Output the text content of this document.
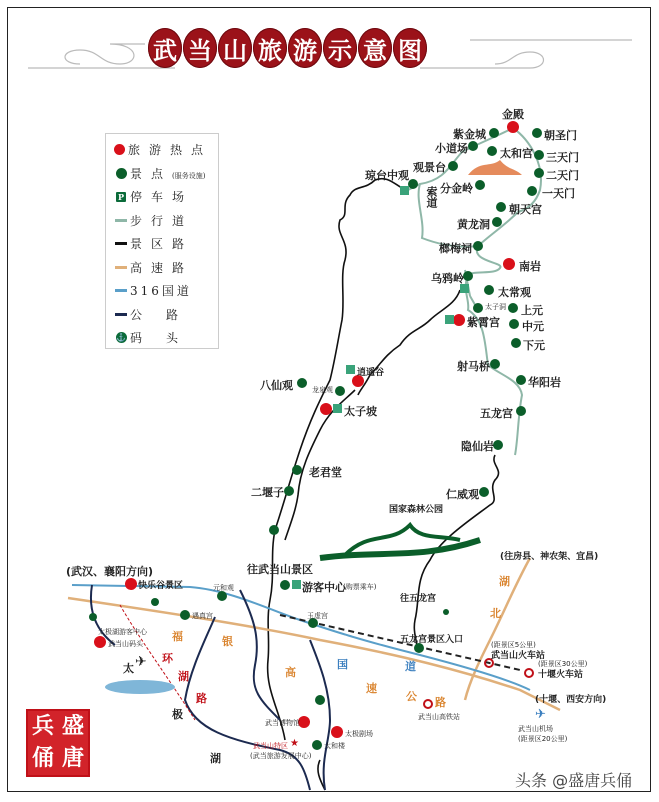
武 当 山 旅 游 示 意 图
✈
✈
★
旅游热点
景点(服务设施)
P 停车场
步行道
景区路
高速路
316国道
公路
⚓ 码头
金殿
紫金城	朝圣门
小道场	太和宫 三天门
观景台
二天门
琼台中观
索道 分金岭	一天门
朝天宫
黄龙洞
榔梅祠
南岩
乌鸦岭
太常观
太子洞 上元
紫霄宫 中元
下元
射马桥
华阳岩
八仙观
逍遥谷
龙泉观
太子坡	五龙宫
隐仙岩
老君堂
二堰子	仁威观
国家森林公园
往武当山景区
游客中心
(购票乘车)
玉虚宫
往五龙宫
五龙宫景区入口
(武汉、襄阳方向)
快乐谷景区	元和观
遇真宫
(往房县、神农架、宜昌)
(距景区5公里)
武当山火车站
(距景区30公里)
十堰火车站
(十堰、西安方向)
武当山高铁站
武当山机场
(距景区20公里)
太极湖游客中心
武当山码头
武当山特区
(武当旅游发展中心)
太和楼
太极剧场
武当博物馆
福	银
高
速
公 路
太
极
湖
环
湖
路
国	道
湖
北
兵 盛
俑 唐
头条 @盛唐兵俑
